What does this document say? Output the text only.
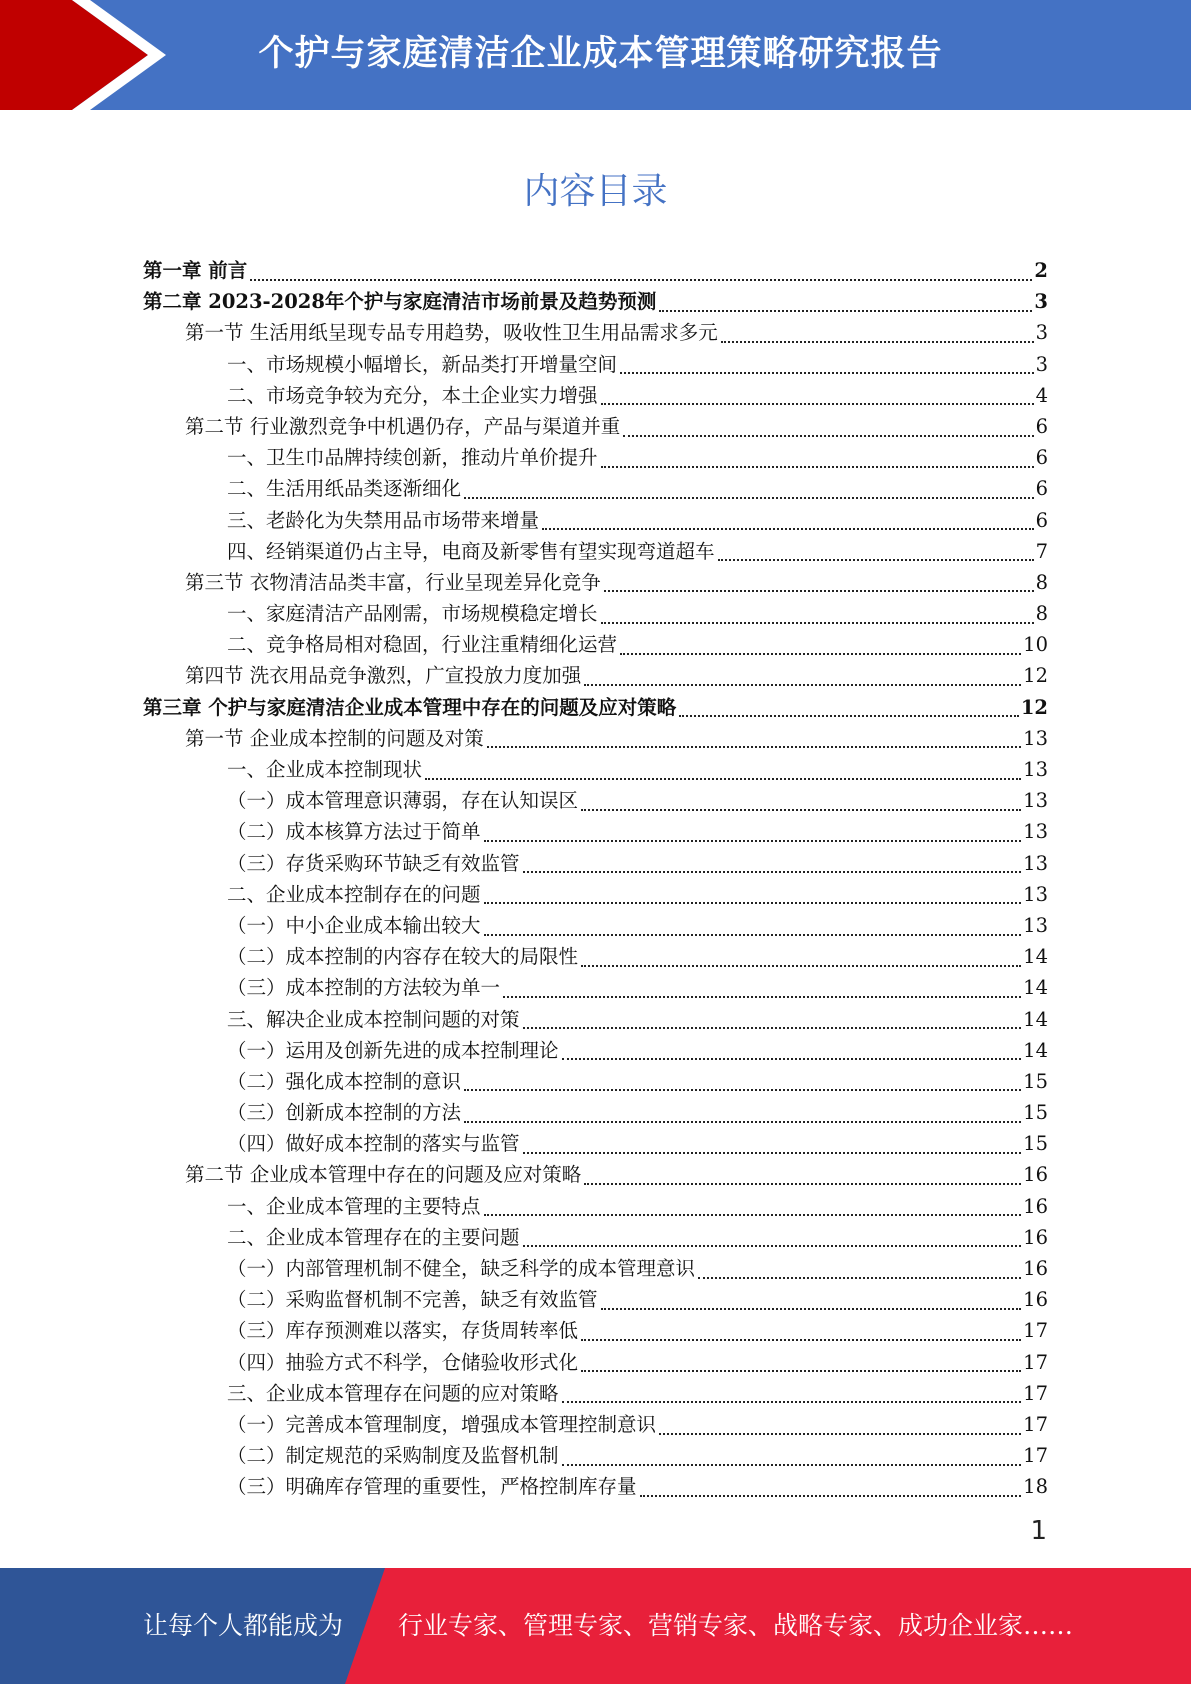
个护与家庭清洁企业成本管理策略研究报告
内容目录
第一章 前言	2
第二章 2023-2028年个护与家庭清洁市场前景及趋势预测	3
第一节 生活用纸呈现专品专用趋势，吸收性卫生用品需求多元	3
一、市场规模小幅增长，新品类打开增量空间	3
二、市场竞争较为充分，本土企业实力增强	4
第二节 行业激烈竞争中机遇仍存，产品与渠道并重	6
一、卫生巾品牌持续创新，推动片单价提升	6
二、生活用纸品类逐渐细化	6
三、老龄化为失禁用品市场带来增量	6
四、经销渠道仍占主导，电商及新零售有望实现弯道超车	7
第三节 衣物清洁品类丰富，行业呈现差异化竞争	8
一、家庭清洁产品刚需，市场规模稳定增长	8
二、竞争格局相对稳固，行业注重精细化运营	10
第四节 洗衣用品竞争激烈，广宣投放力度加强	12
第三章 个护与家庭清洁企业成本管理中存在的问题及应对策略	12
第一节 企业成本控制的问题及对策	13
一、企业成本控制现状	13
（一）成本管理意识薄弱，存在认知误区	13
（二）成本核算方法过于简单	13
（三）存货采购环节缺乏有效监管	13
二、企业成本控制存在的问题	13
（一）中小企业成本输出较大	13
（二）成本控制的内容存在较大的局限性	14
（三）成本控制的方法较为单一	14
三、解决企业成本控制问题的对策	14
（一）运用及创新先进的成本控制理论	14
（二）强化成本控制的意识	15
（三）创新成本控制的方法	15
（四）做好成本控制的落实与监管	15
第二节 企业成本管理中存在的问题及应对策略	16
一、企业成本管理的主要特点	16
二、企业成本管理存在的主要问题	16
（一）内部管理机制不健全，缺乏科学的成本管理意识	16
（二）采购监督机制不完善，缺乏有效监管	16
（三）库存预测难以落实，存货周转率低	17
（四）抽验方式不科学，仓储验收形式化	17
三、企业成本管理存在问题的应对策略	17
（一）完善成本管理制度，增强成本管理控制意识	17
（二）制定规范的采购制度及监督机制	17
（三）明确库存管理的重要性，严格控制库存量	18
1
让每个人都能成为 行业专家、管理专家、营销专家、战略专家、成功企业家……
